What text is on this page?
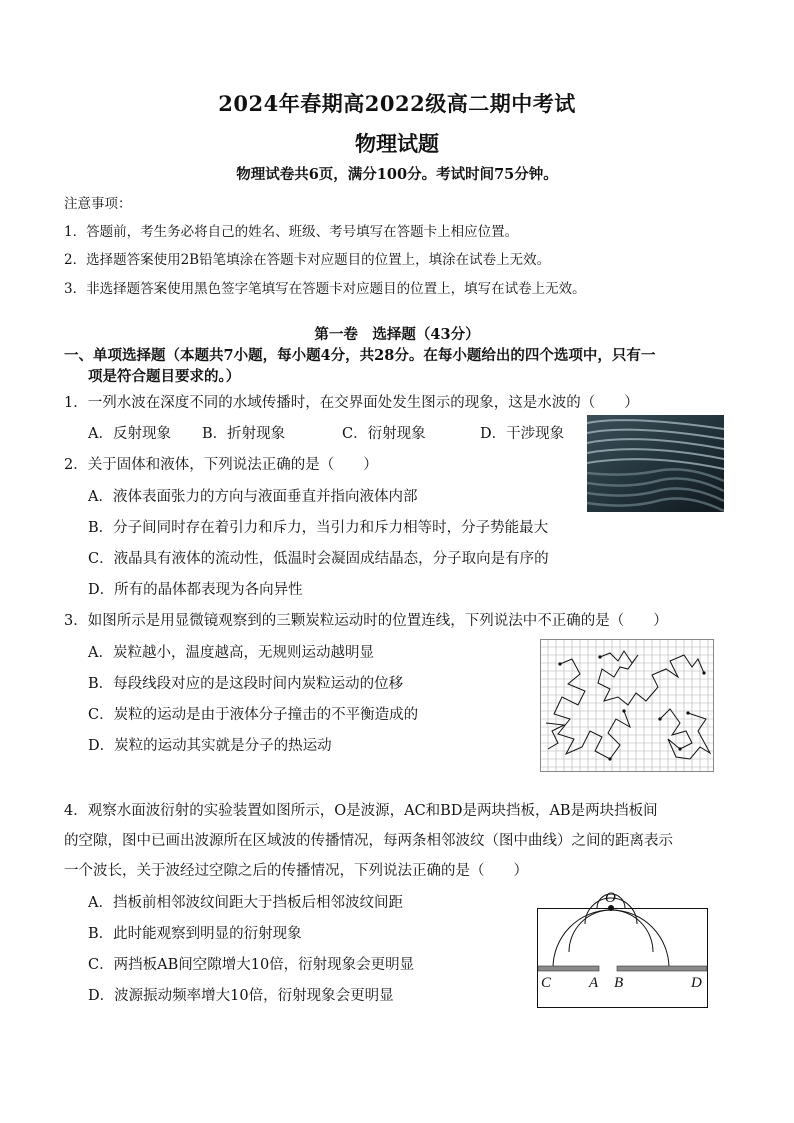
2024年春期高2022级高二期中考试
物理试题
物理试卷共6页，满分100分。考试时间75分钟。
注意事项：
1．答题前，考生务必将自己的姓名、班级、考号填写在答题卡上相应位置。
2．选择题答案使用2B铅笔填涂在答题卡对应题目的位置上，填涂在试卷上无效。
3．非选择题答案使用黑色签字笔填写在答题卡对应题目的位置上，填写在试卷上无效。
第一卷　选择题（43分）
一、单项选择题（本题共7小题，每小题4分，共28分。在每小题给出的四个选项中，只有一
项是符合题目要求的。）
1．一列水波在深度不同的水域传播时，在交界面处发生图示的现象，这是水波的（　　）
A．反射现象 B．折射现象	C．衍射现象	D．干涉现象
2．关于固体和液体，下列说法正确的是（　　）
A．液体表面张力的方向与液面垂直并指向液体内部
B．分子间同时存在着引力和斥力，当引力和斥力相等时，分子势能最大
C．液晶具有液体的流动性，低温时会凝固成结晶态，分子取向是有序的
D．所有的晶体都表现为各向异性
3．如图所示是用显微镜观察到的三颗炭粒运动时的位置连线，下列说法中不正确的是（　　）
A．炭粒越小，温度越高，无规则运动越明显
B．每段线段对应的是这段时间内炭粒运动的位移
C．炭粒的运动是由于液体分子撞击的不平衡造成的
D．炭粒的运动其实就是分子的热运动
4．观察水面波衍射的实验装置如图所示，O是波源，AC和BD是两块挡板，AB是两块挡板间
的空隙，图中已画出波源所在区域波的传播情况，每两条相邻波纹（图中曲线）之间的距离表示
一个波长，关于波经过空隙之后的传播情况，下列说法正确的是（　　）
A．挡板前相邻波纹间距大于挡板后相邻波纹间距
B．此时能观察到明显的衍射现象
C．两挡板AB间空隙增大10倍，衍射现象会更明显
D．波源振动频率增大10倍，衍射现象会更明显
O
C	A B	D
